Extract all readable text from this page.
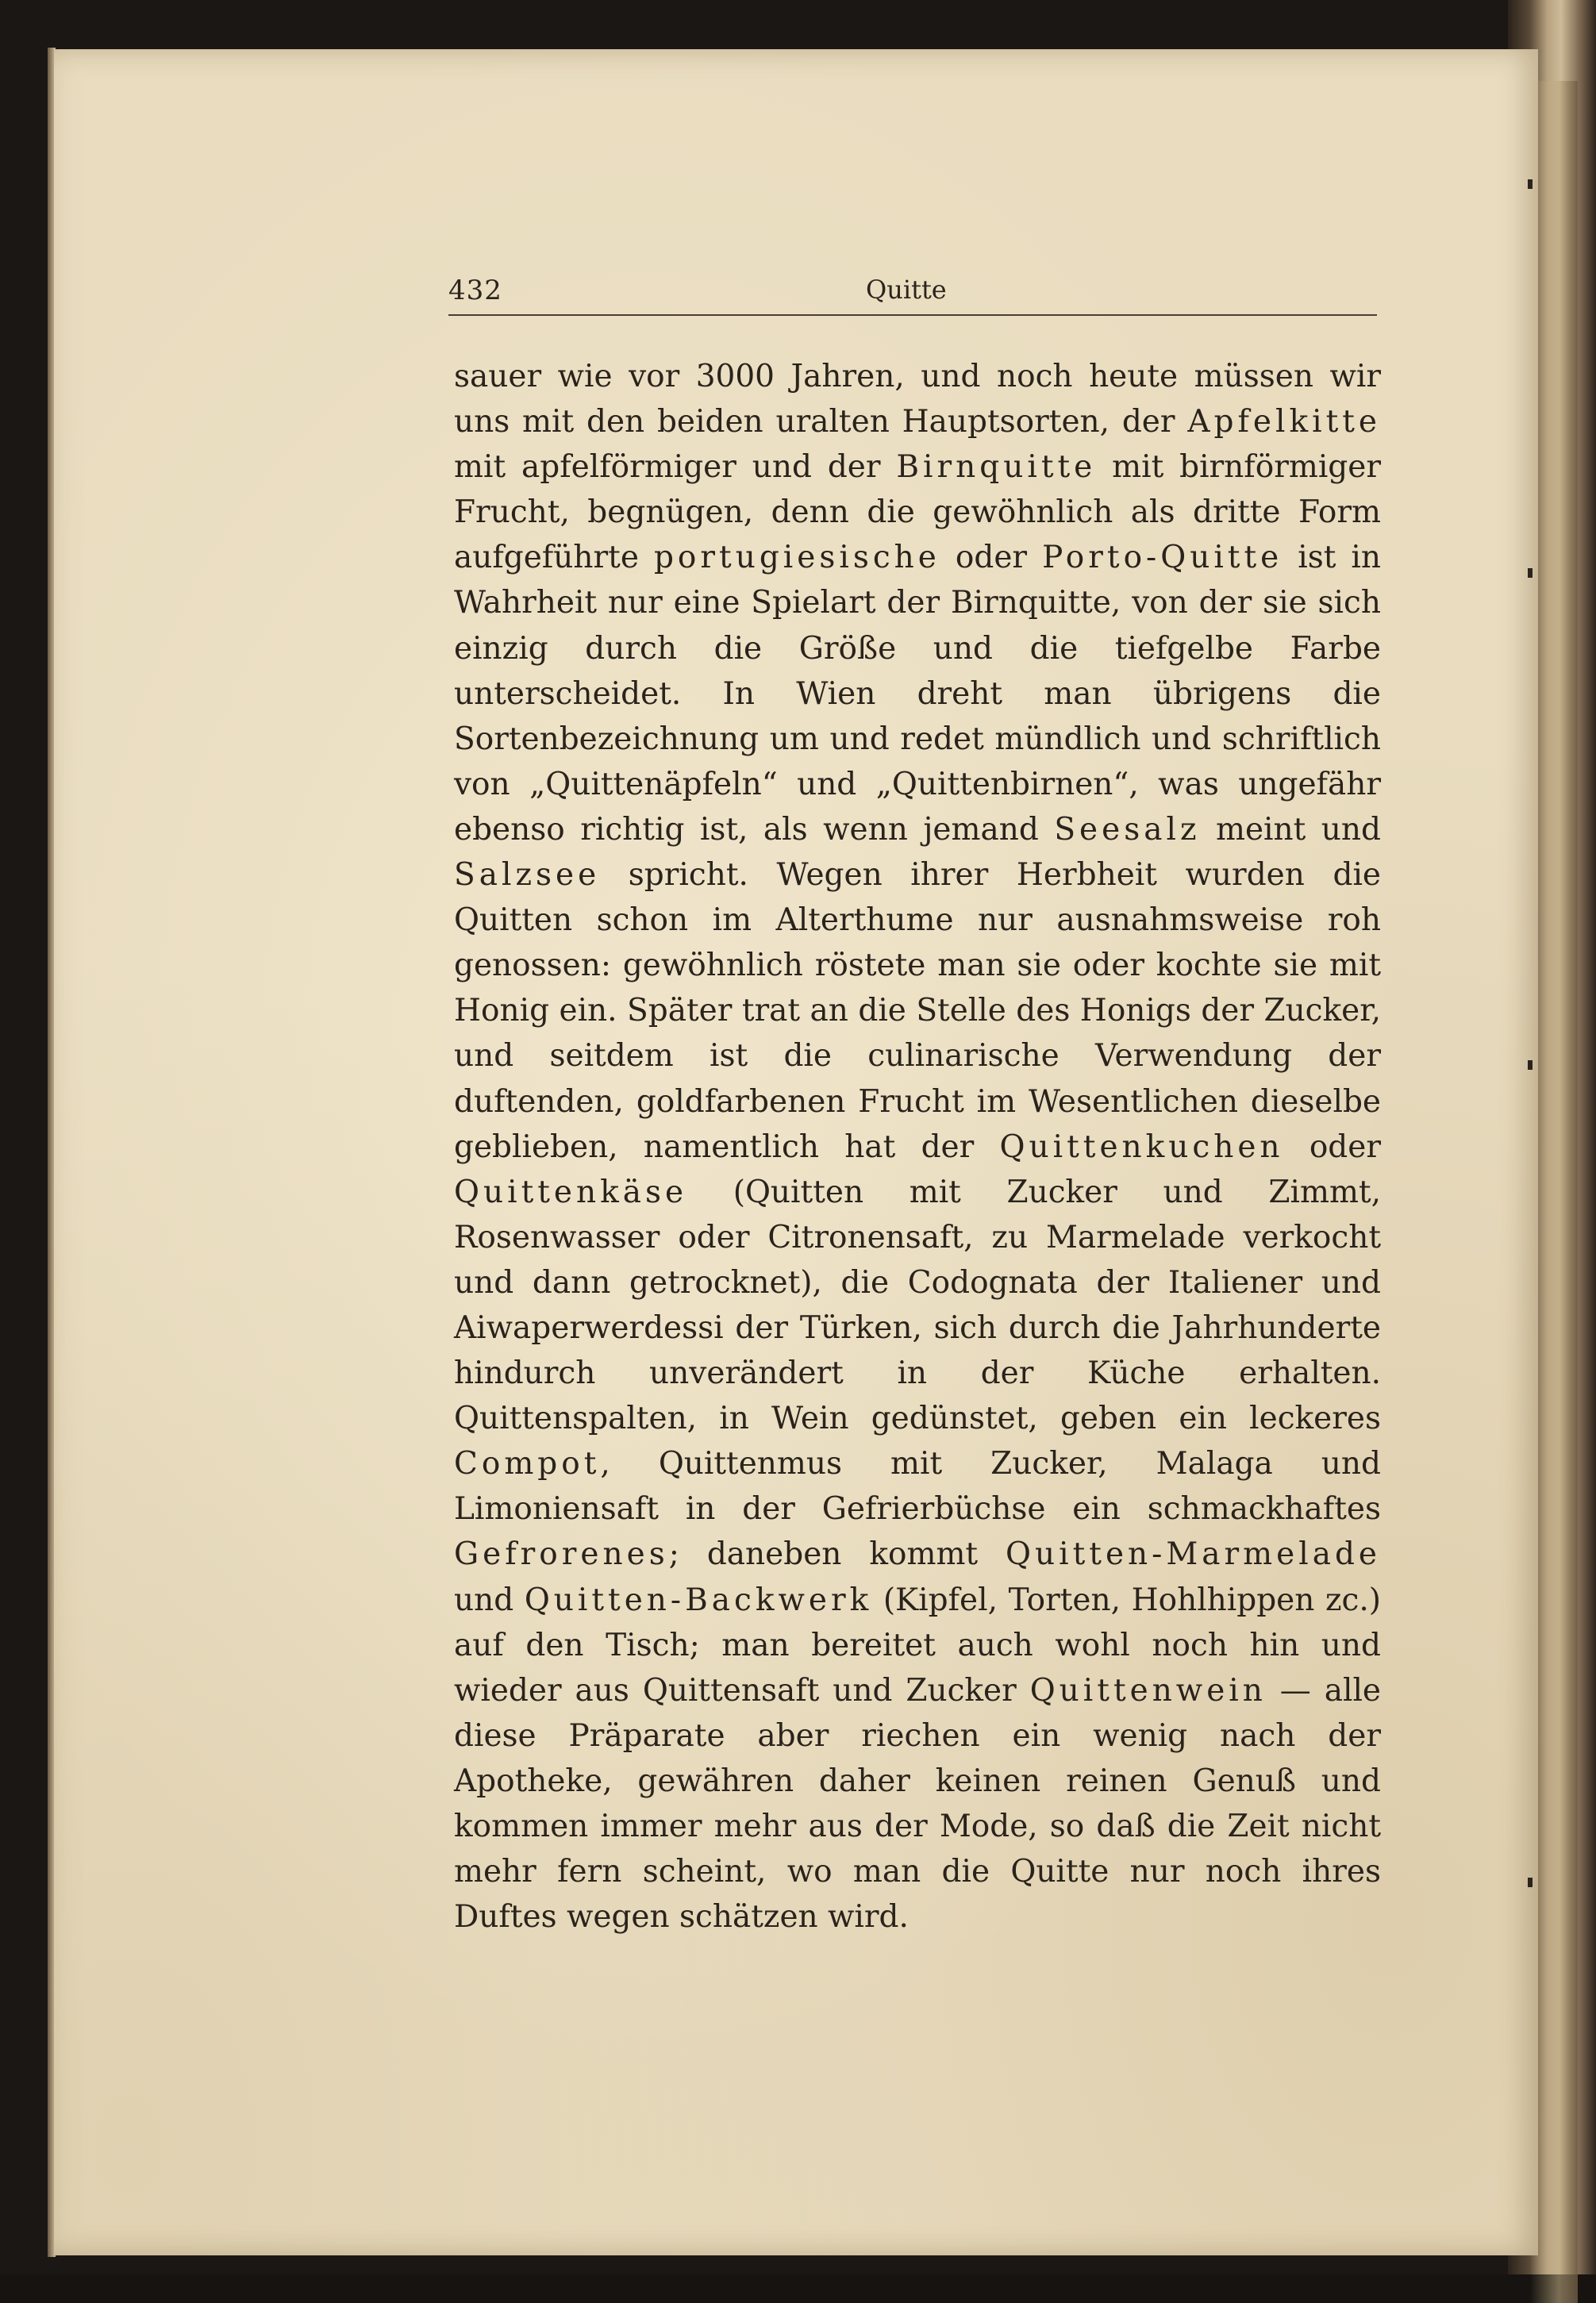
432	Quitte

sauer wie vor 3000 Jahren, und noch heute müssen wir uns mit den beiden uralten Hauptsorten, der Apfelkitte mit apfelförmiger und der Birnquitte mit birnförmiger Frucht, begnügen, denn die gewöhnlich als dritte Form aufgeführte portugiesische oder Porto-Quitte ist in Wahrheit nur eine Spielart der Birnquitte, von der sie sich einzig durch die Größe und die tiefgelbe Farbe unterscheidet. In Wien dreht man übrigens die Sortenbezeichnung um und redet mündlich und schriftlich von „Quittenäpfeln“ und „Quittenbirnen“, was ungefähr ebenso richtig ist, als wenn jemand Seesalz meint und Salzsee spricht. Wegen ihrer Herbheit wurden die Quitten schon im Alterthume nur ausnahmsweise roh genossen: gewöhnlich röstete man sie oder kochte sie mit Honig ein. Später trat an die Stelle des Honigs der Zucker, und seitdem ist die culinarische Verwendung der duftenden, goldfarbenen Frucht im Wesentlichen dieselbe geblieben, namentlich hat der Quittenkuchen oder Quittenkäse (Quitten mit Zucker und Zimmt, Rosenwasser oder Citronensaft, zu Marmelade verkocht und dann getrocknet), die Codognata der Italiener und Aiwaperwerdessi der Türken, sich durch die Jahrhunderte hindurch unverändert in der Küche erhalten. Quittenspalten, in Wein gedünstet, geben ein leckeres Compot, Quittenmus mit Zucker, Malaga und Limoniensaft in der Gefrierbüchse ein schmackhaftes Gefrorenes; daneben kommt Quitten-Marmelade und Quitten-Backwerk (Kipfel, Torten, Hohlhippen zc.) auf den Tisch; man bereitet auch wohl noch hin und wieder aus Quittensaft und Zucker Quittenwein — alle diese Präparate aber riechen ein wenig nach der Apotheke, gewähren daher keinen reinen Genuß und kommen immer mehr aus der Mode, so daß die Zeit nicht mehr fern scheint, wo man die Quitte nur noch ihres Duftes wegen schätzen wird.
